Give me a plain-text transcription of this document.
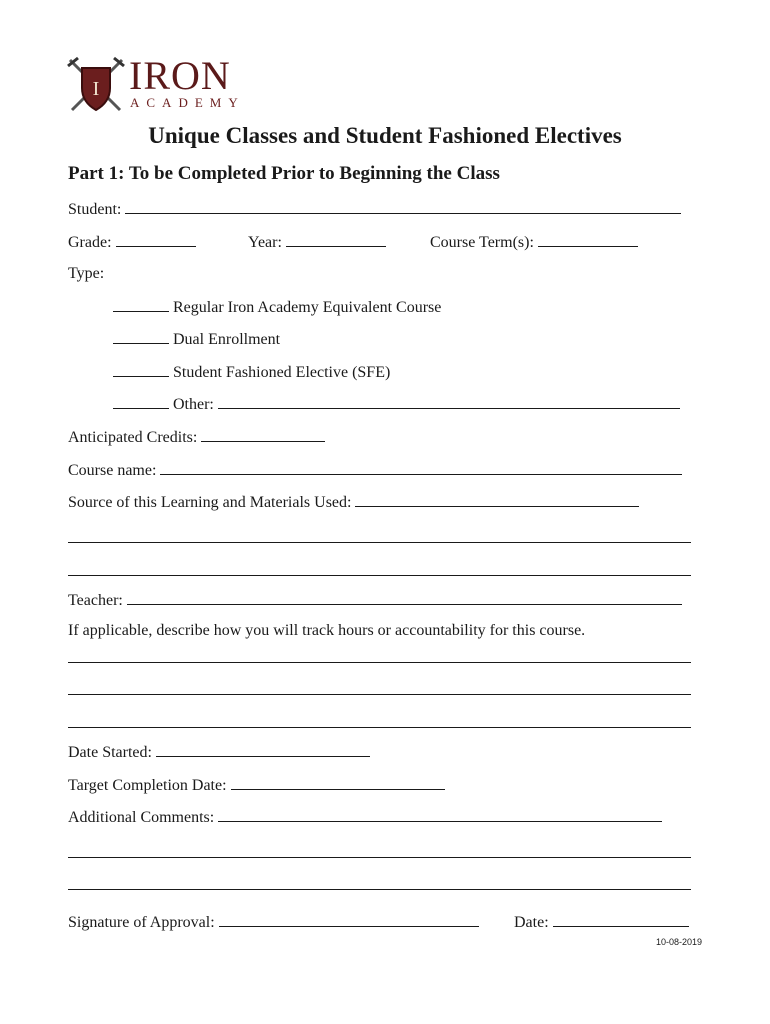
I IRON
ACADEMY
Unique Classes and Student Fashioned Electives
Part 1: To be Completed Prior to Beginning the Class
Student:
Grade:	Year:	Course Term(s):
Type:
Regular Iron Academy Equivalent Course
Dual Enrollment
Student Fashioned Elective (SFE)
Other:
Anticipated Credits:
Course name:
Source of this Learning and Materials Used:
Teacher:
If applicable, describe how you will track hours or accountability for this course.
Date Started:
Target Completion Date:
Additional Comments:
Signature of Approval:	Date:
10-08-2019
